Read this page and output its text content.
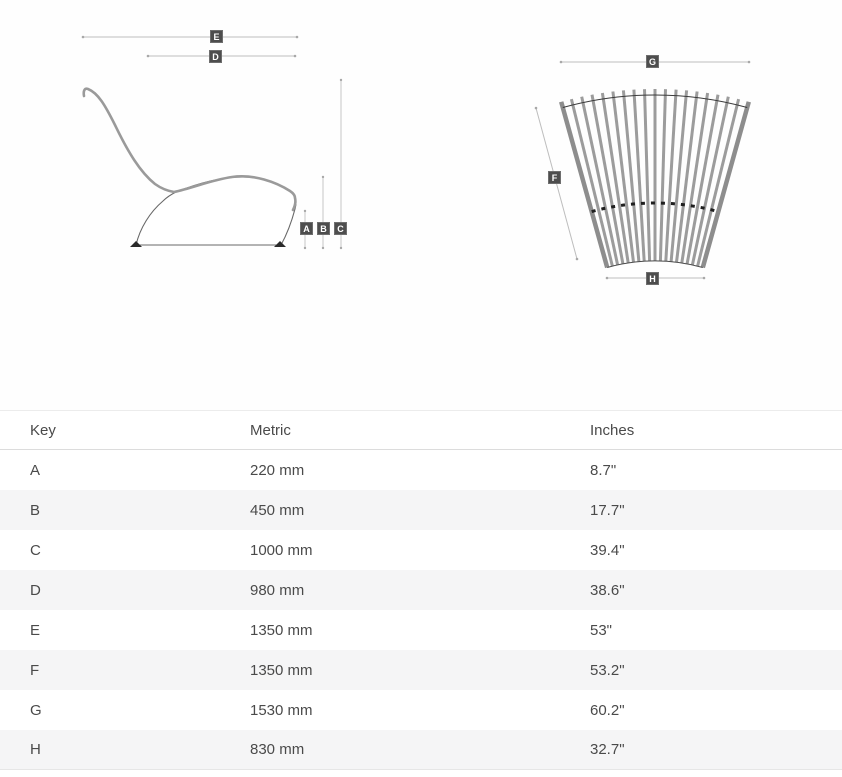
E
D
A	B	C
G
F
H
Key	Metric	Inches
A	220 mm	8.7"
B	450 mm	17.7"
C	1000 mm	39.4"
D	980 mm	38.6"
E	1350 mm	53"
F	1350 mm	53.2"
G	1530 mm	60.2"
H	830 mm	32.7"
